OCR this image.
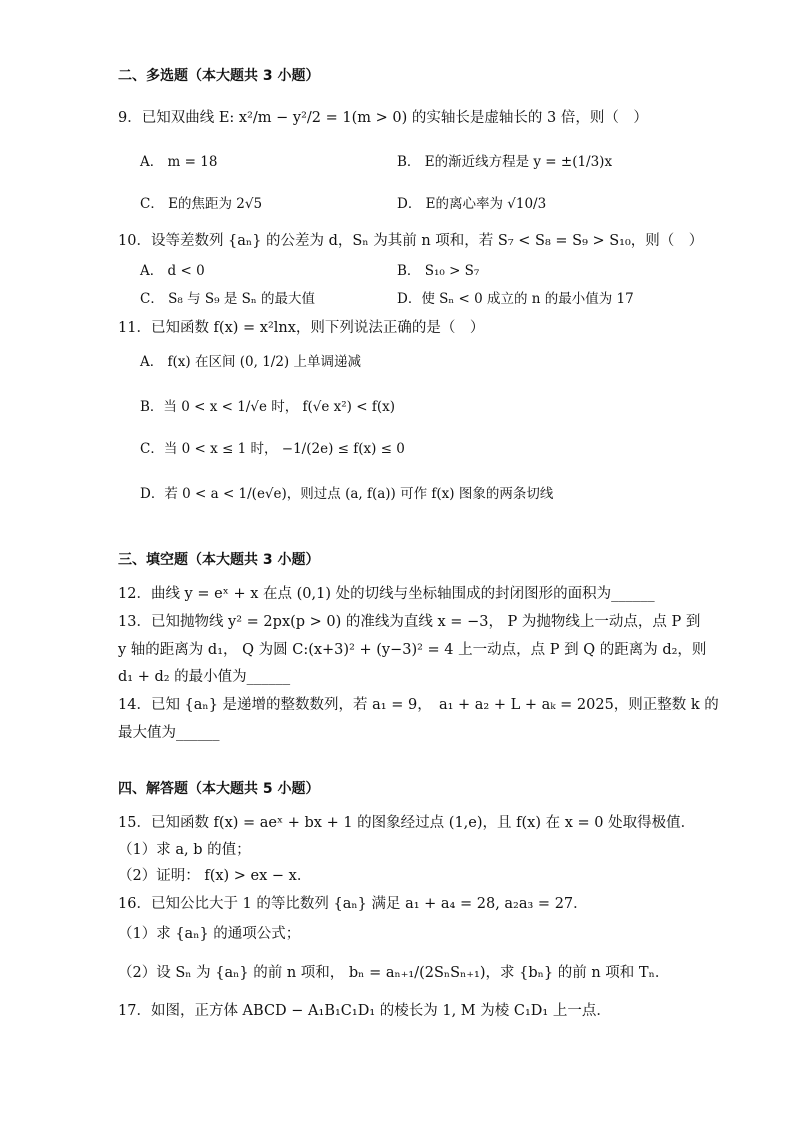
二、多选题（本大题共 3 小题）
9．已知双曲线 E: x²/m − y²/2 = 1(m > 0) 的实轴长是虚轴长的 3 倍，则（　）
A． m = 18	B． E的渐近线方程是 y = ±(1/3)x
C． E的焦距为 2√5	D． E的离心率为 √10/3
10．设等差数列 {aₙ} 的公差为 d，Sₙ 为其前 n 项和，若 S₇ < S₈ = S₉ > S₁₀，则（　）
A． d < 0	B． S₁₀ > S₇
C． S₈ 与 S₉ 是 Sₙ 的最大值	D．使 Sₙ < 0 成立的 n 的最小值为 17
11．已知函数 f(x) = x²lnx，则下列说法正确的是（　）
A． f(x) 在区间 (0, 1/2) 上单调递减
B．当 0 < x < 1/√e 时， f(√e x²) < f(x)
C．当 0 < x ≤ 1 时， −1/(2e) ≤ f(x) ≤ 0
D．若 0 < a < 1/(e√e)，则过点 (a, f(a)) 可作 f(x) 图象的两条切线
三、填空题（本大题共 3 小题）
12．曲线 y = eˣ + x 在点 (0,1) 处的切线与坐标轴围成的封闭图形的面积为______
13．已知抛物线 y² = 2px(p > 0) 的准线为直线 x = −3， P 为抛物线上一动点，点 P 到
y 轴的距离为 d₁， Q 为圆 C:(x+3)² + (y−3)² = 4 上一动点，点 P 到 Q 的距离为 d₂，则
d₁ + d₂ 的最小值为______
14．已知 {aₙ} 是递增的整数数列，若 a₁ = 9，　a₁ + a₂ + L + aₖ = 2025，则正整数 k 的
最大值为______
四、解答题（本大题共 5 小题）
15．已知函数 f(x) = aeˣ + bx + 1 的图象经过点 (1,e)，且 f(x) 在 x = 0 处取得极值．
（1）求 a, b 的值；
（2）证明： f(x) > ex − x．
16．已知公比大于 1 的等比数列 {aₙ} 满足 a₁ + a₄ = 28, a₂a₃ = 27．
（1）求 {aₙ} 的通项公式；
（2）设 Sₙ 为 {aₙ} 的前 n 项和， bₙ = aₙ₊₁/(2SₙSₙ₊₁)，求 {bₙ} 的前 n 项和 Tₙ．
17．如图，正方体 ABCD − A₁B₁C₁D₁ 的棱长为 1, M 为棱 C₁D₁ 上一点．
